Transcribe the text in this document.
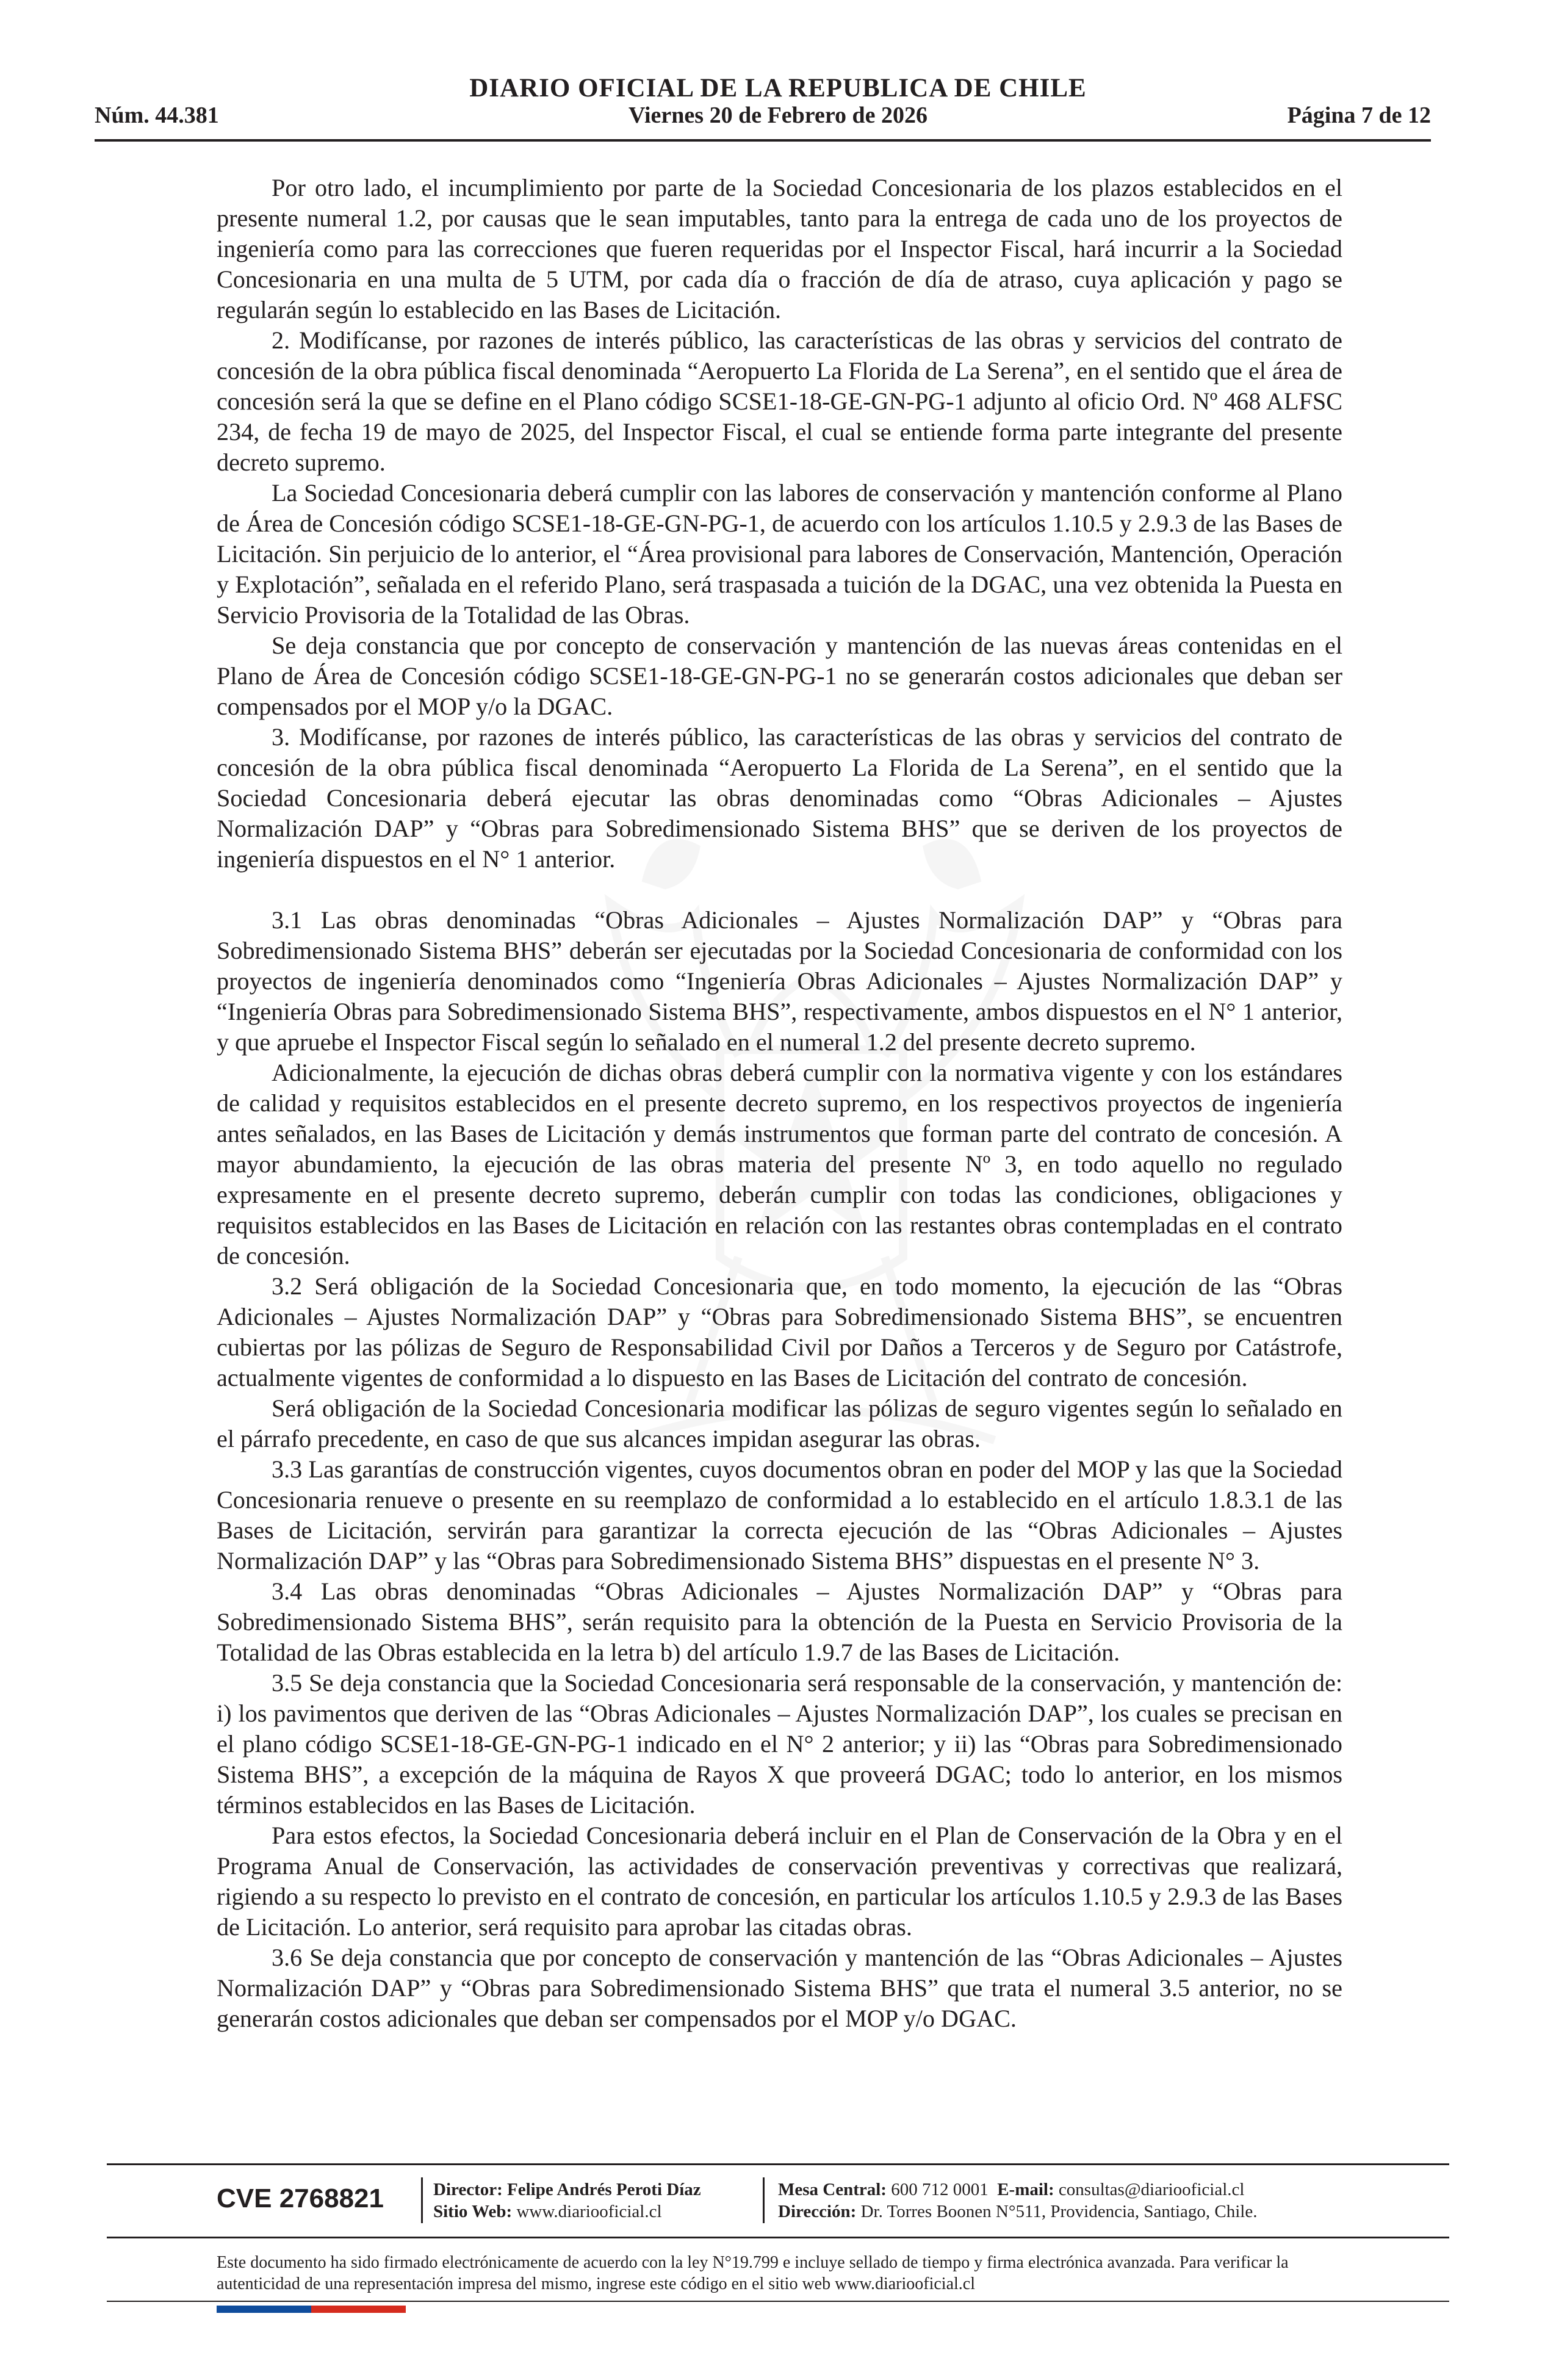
DIARIO OFICIAL DE LA REPUBLICA DE CHILE
Núm. 44.381	Viernes 20 de Febrero de 2026	Página 7 de 12

Por otro lado, el incumplimiento por parte de la Sociedad Concesionaria de los plazos establecidos en el presente numeral 1.2, por causas que le sean imputables, tanto para la entrega de cada uno de los proyectos de ingeniería como para las correcciones que fueren requeridas por el Inspector Fiscal, hará incurrir a la Sociedad Concesionaria en una multa de 5 UTM, por cada día o fracción de día de atraso, cuya aplicación y pago se regularán según lo establecido en las Bases de Licitación.

2. Modifícanse, por razones de interés público, las características de las obras y servicios del contrato de concesión de la obra pública fiscal denominada “Aeropuerto La Florida de La Serena”, en el sentido que el área de concesión será la que se define en el Plano código SCSE1-18-GE-GN-PG-1 adjunto al oficio Ord. Nº 468 ALFSC 234, de fecha 19 de mayo de 2025, del Inspector Fiscal, el cual se entiende forma parte integrante del presente decreto supremo.

La Sociedad Concesionaria deberá cumplir con las labores de conservación y mantención conforme al Plano de Área de Concesión código SCSE1-18-GE-GN-PG-1, de acuerdo con los artículos 1.10.5 y 2.9.3 de las Bases de Licitación. Sin perjuicio de lo anterior, el “Área provisional para labores de Conservación, Mantención, Operación y Explotación”, señalada en el referido Plano, será traspasada a tuición de la DGAC, una vez obtenida la Puesta en Servicio Provisoria de la Totalidad de las Obras.

Se deja constancia que por concepto de conservación y mantención de las nuevas áreas contenidas en el Plano de Área de Concesión código SCSE1-18-GE-GN-PG-1 no se generarán costos adicionales que deban ser compensados por el MOP y/o la DGAC.

3. Modifícanse, por razones de interés público, las características de las obras y servicios del contrato de concesión de la obra pública fiscal denominada “Aeropuerto La Florida de La Serena”, en el sentido que la Sociedad Concesionaria deberá ejecutar las obras denominadas como “Obras Adicionales – Ajustes Normalización DAP” y “Obras para Sobredimensionado Sistema BHS” que se deriven de los proyectos de ingeniería dispuestos en el N° 1 anterior.

3.1 Las obras denominadas “Obras Adicionales – Ajustes Normalización DAP” y “Obras para Sobredimensionado Sistema BHS” deberán ser ejecutadas por la Sociedad Concesionaria de conformidad con los proyectos de ingeniería denominados como “Ingeniería Obras Adicionales – Ajustes Normalización DAP” y “Ingeniería Obras para Sobredimensionado Sistema BHS”, respectivamente, ambos dispuestos en el N° 1 anterior, y que apruebe el Inspector Fiscal según lo señalado en el numeral 1.2 del presente decreto supremo.

Adicionalmente, la ejecución de dichas obras deberá cumplir con la normativa vigente y con los estándares de calidad y requisitos establecidos en el presente decreto supremo, en los respectivos proyectos de ingeniería antes señalados, en las Bases de Licitación y demás instrumentos que forman parte del contrato de concesión. A mayor abundamiento, la ejecución de las obras materia del presente Nº 3, en todo aquello no regulado expresamente en el presente decreto supremo, deberán cumplir con todas las condiciones, obligaciones y requisitos establecidos en las Bases de Licitación en relación con las restantes obras contempladas en el contrato de concesión.

3.2 Será obligación de la Sociedad Concesionaria que, en todo momento, la ejecución de las “Obras Adicionales – Ajustes Normalización DAP” y “Obras para Sobredimensionado Sistema BHS”, se encuentren cubiertas por las pólizas de Seguro de Responsabilidad Civil por Daños a Terceros y de Seguro por Catástrofe, actualmente vigentes de conformidad a lo dispuesto en las Bases de Licitación del contrato de concesión.

Será obligación de la Sociedad Concesionaria modificar las pólizas de seguro vigentes según lo señalado en el párrafo precedente, en caso de que sus alcances impidan asegurar las obras.

3.3 Las garantías de construcción vigentes, cuyos documentos obran en poder del MOP y las que la Sociedad Concesionaria renueve o presente en su reemplazo de conformidad a lo establecido en el artículo 1.8.3.1 de las Bases de Licitación, servirán para garantizar la correcta ejecución de las “Obras Adicionales – Ajustes Normalización DAP” y las “Obras para Sobredimensionado Sistema BHS” dispuestas en el presente N° 3.

3.4 Las obras denominadas “Obras Adicionales – Ajustes Normalización DAP” y “Obras para Sobredimensionado Sistema BHS”, serán requisito para la obtención de la Puesta en Servicio Provisoria de la Totalidad de las Obras establecida en la letra b) del artículo 1.9.7 de las Bases de Licitación.

3.5 Se deja constancia que la Sociedad Concesionaria será responsable de la conservación, y mantención de: i) los pavimentos que deriven de las “Obras Adicionales – Ajustes Normalización DAP”, los cuales se precisan en el plano código SCSE1-18-GE-GN-PG-1 indicado en el N° 2 anterior; y ii) las “Obras para Sobredimensionado Sistema BHS”, a excepción de la máquina de Rayos X que proveerá DGAC; todo lo anterior, en los mismos términos establecidos en las Bases de Licitación.

Para estos efectos, la Sociedad Concesionaria deberá incluir en el Plan de Conservación de la Obra y en el Programa Anual de Conservación, las actividades de conservación preventivas y correctivas que realizará, rigiendo a su respecto lo previsto en el contrato de concesión, en particular los artículos 1.10.5 y 2.9.3 de las Bases de Licitación. Lo anterior, será requisito para aprobar las citadas obras.

3.6 Se deja constancia que por concepto de conservación y mantención de las “Obras Adicionales – Ajustes Normalización DAP” y “Obras para Sobredimensionado Sistema BHS” que trata el numeral 3.5 anterior, no se generarán costos adicionales que deban ser compensados por el MOP y/o DGAC.

CVE 2768821	Director: Felipe Andrés Peroti Díaz
Sitio Web: www.diariooficial.cl
Mesa Central: 600 712 0001 E-mail: consultas@diariooficial.cl
Dirección: Dr. Torres Boonen N°511, Providencia, Santiago, Chile.
Este documento ha sido firmado electrónicamente de acuerdo con la ley N°19.799 e incluye sellado de tiempo y firma electrónica avanzada. Para verificar la autenticidad de una representación impresa del mismo, ingrese este código en el sitio web www.diariooficial.cl
